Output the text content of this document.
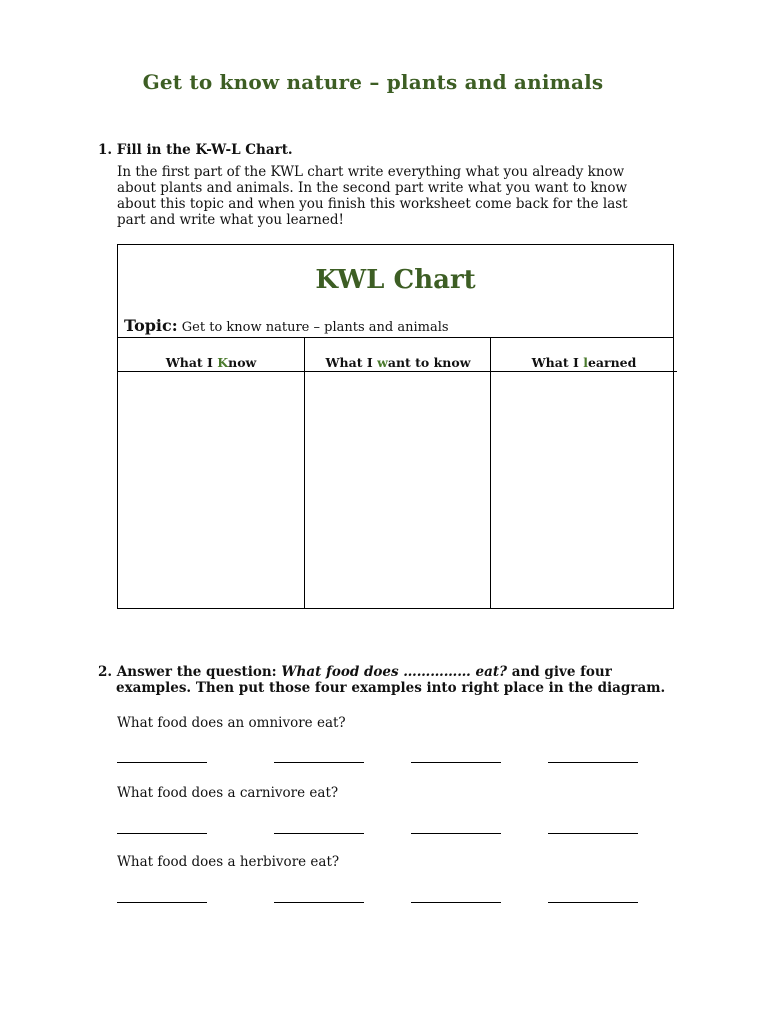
Get to know nature – plants and animals
1. Fill in the K-W-L Chart.
In the first part of the KWL chart write everything what you already know about plants and animals. In the second part write what you want to know about this topic and when you finish this worksheet come back for the last part and write what you learned!
KWL Chart
Topic: Get to know nature – plants and animals
What I Know	What I want to know	What I learned
2. Answer the question: What food does …………… eat? and give four
examples. Then put those four examples into right place in the diagram.
What food does an omnivore eat?
What food does a carnivore eat?
What food does a herbivore eat?
